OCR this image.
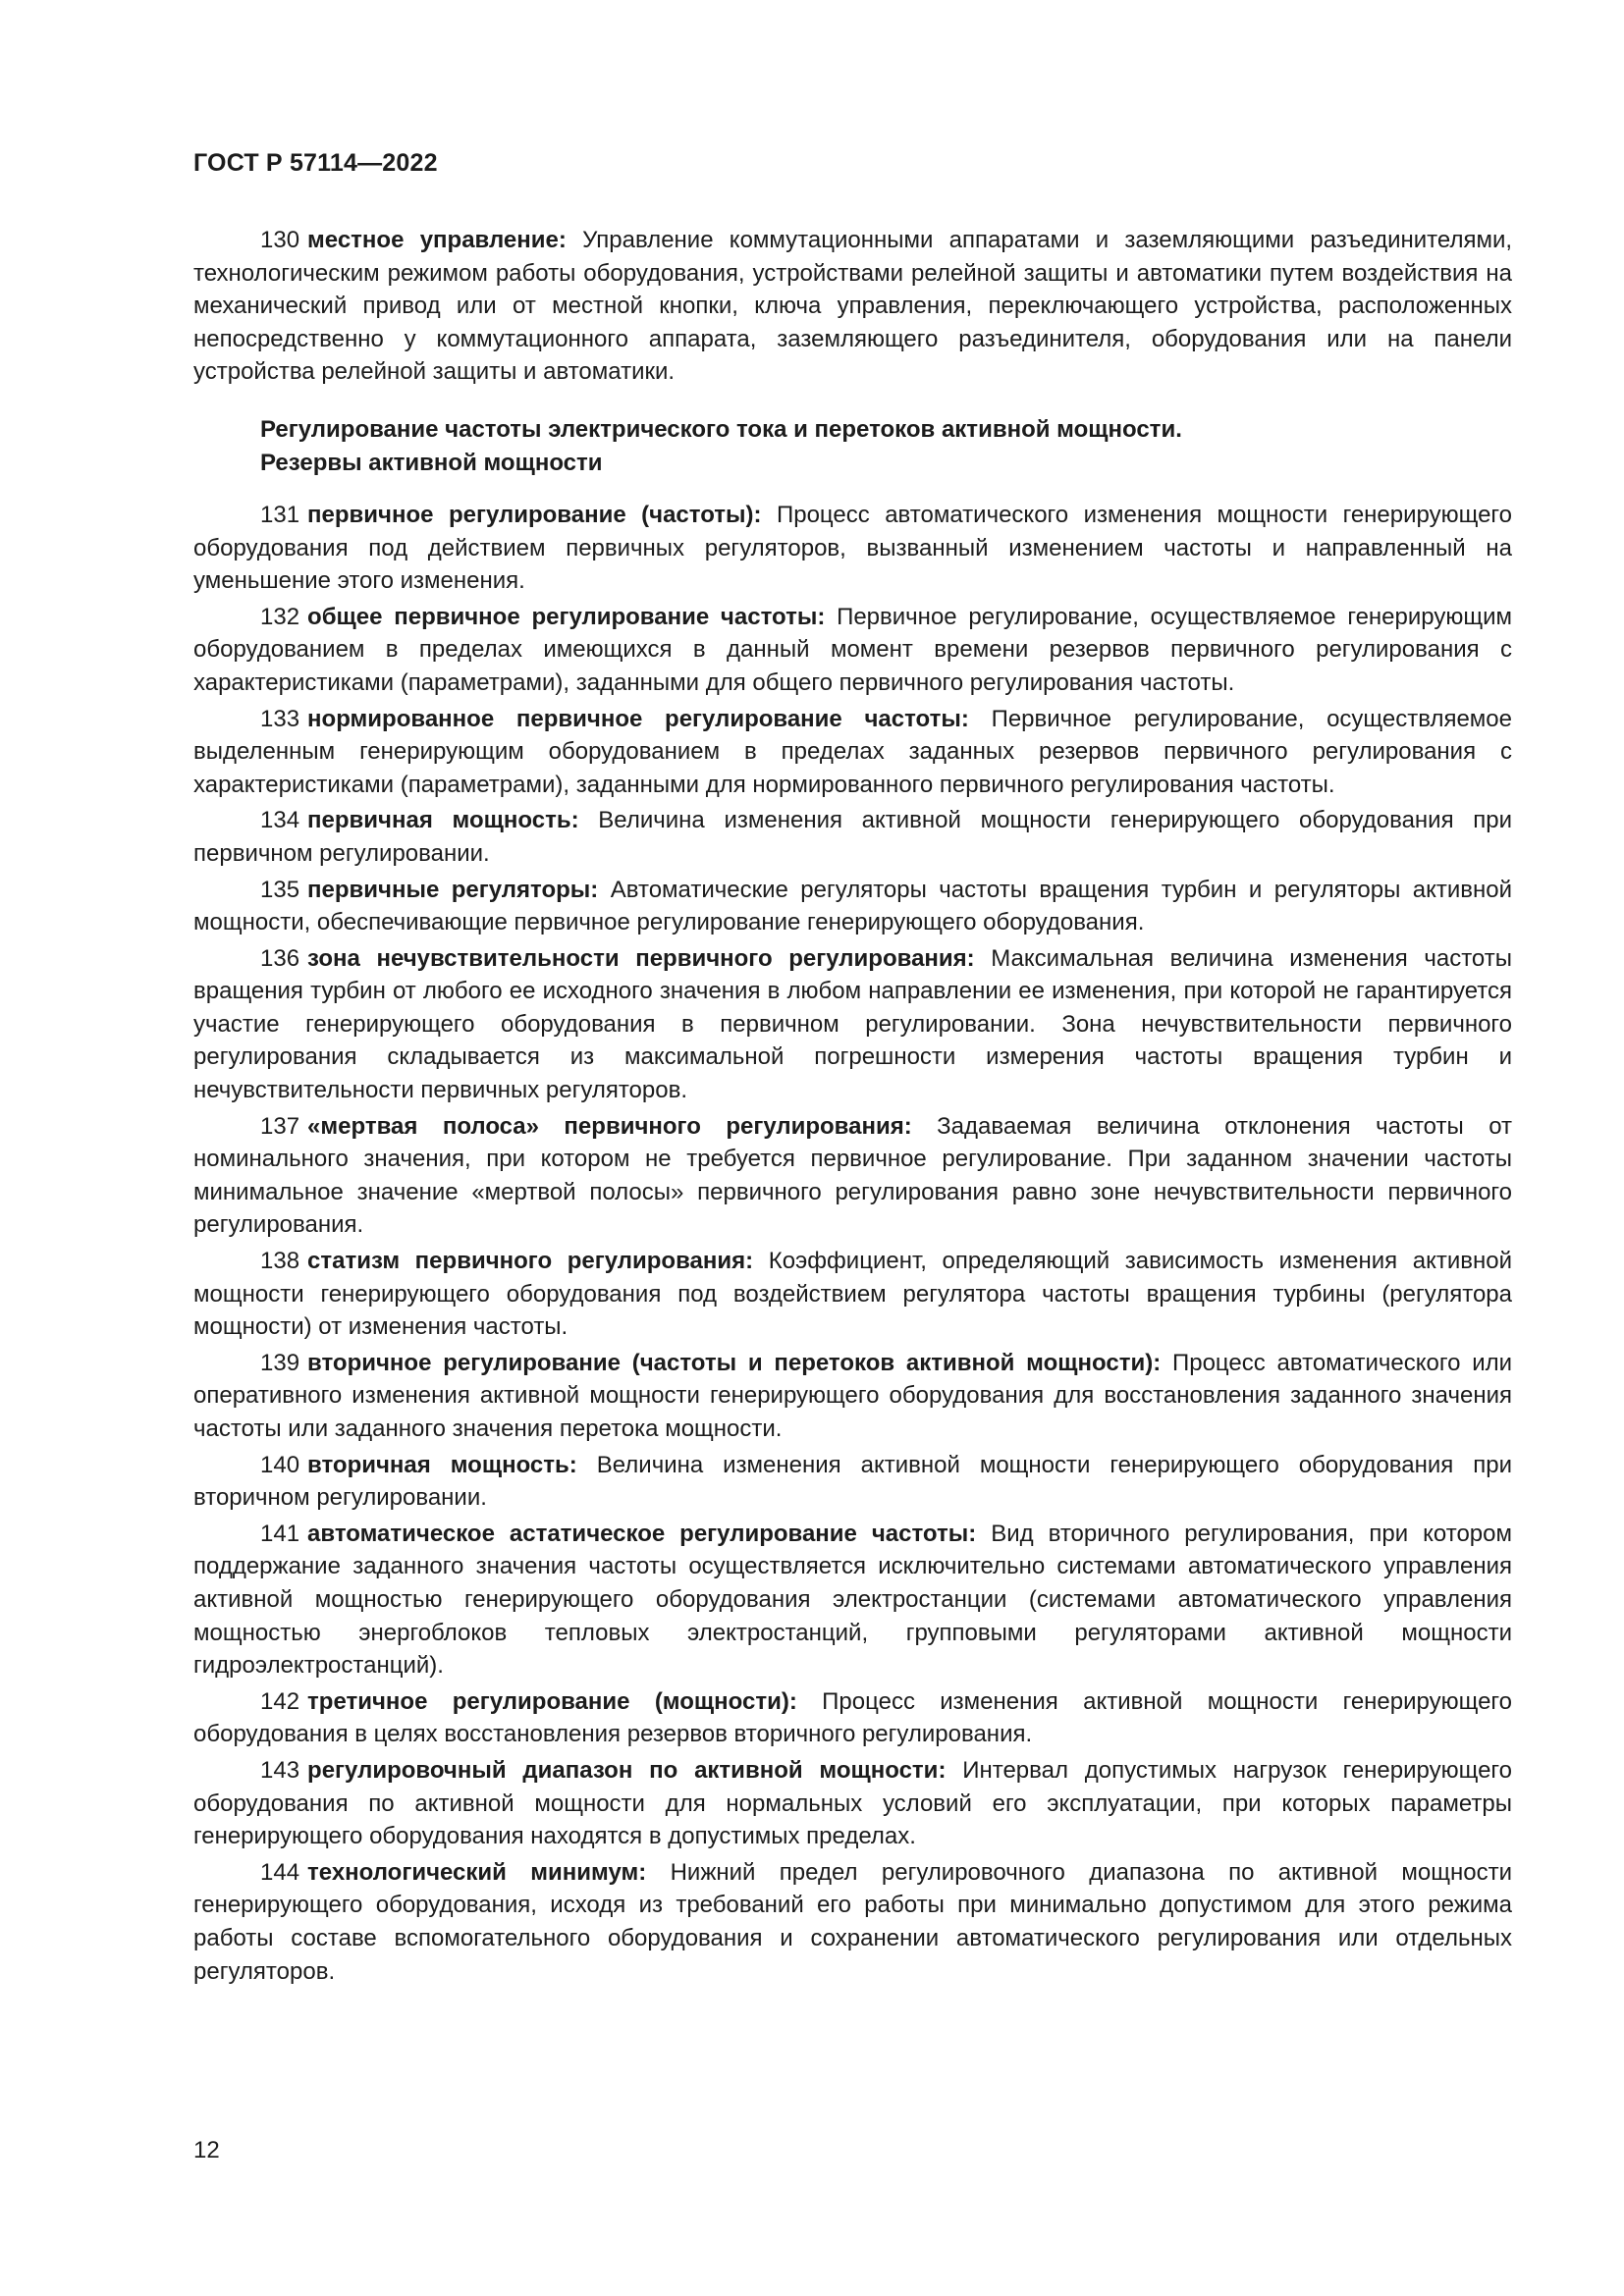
ГОСТ Р 57114—2022

130 местное управление: Управление коммутационными аппаратами и заземляющими разъединителями, технологическим режимом работы оборудования, устройствами релейной защиты и автоматики путем воздействия на механический привод или от местной кнопки, ключа управления, переключающего устройства, расположенных непосредственно у коммутационного аппарата, заземляющего разъединителя, оборудования или на панели устройства релейной защиты и автоматики.

Регулирование частоты электрического тока и перетоков активной мощности.
Резервы активной мощности

131 первичное регулирование (частоты): Процесс автоматического изменения мощности генерирующего оборудования под действием первичных регуляторов, вызванный изменением частоты и направленный на уменьшение этого изменения.

132 общее первичное регулирование частоты: Первичное регулирование, осуществляемое генерирующим оборудованием в пределах имеющихся в данный момент времени резервов первичного регулирования с характеристиками (параметрами), заданными для общего первичного регулирования частоты.

133 нормированное первичное регулирование частоты: Первичное регулирование, осуществляемое выделенным генерирующим оборудованием в пределах заданных резервов первичного регулирования с характеристиками (параметрами), заданными для нормированного первичного регулирования частоты.

134 первичная мощность: Величина изменения активной мощности генерирующего оборудования при первичном регулировании.

135 первичные регуляторы: Автоматические регуляторы частоты вращения турбин и регуляторы активной мощности, обеспечивающие первичное регулирование генерирующего оборудования.

136 зона нечувствительности первичного регулирования: Максимальная величина изменения частоты вращения турбин от любого ее исходного значения в любом направлении ее изменения, при которой не гарантируется участие генерирующего оборудования в первичном регулировании. Зона нечувствительности первичного регулирования складывается из максимальной погрешности измерения частоты вращения турбин и нечувствительности первичных регуляторов.

137 «мертвая полоса» первичного регулирования: Задаваемая величина отклонения частоты от номинального значения, при котором не требуется первичное регулирование. При заданном значении частоты минимальное значение «мертвой полосы» первичного регулирования равно зоне нечувствительности первичного регулирования.

138 статизм первичного регулирования: Коэффициент, определяющий зависимость изменения активной мощности генерирующего оборудования под воздействием регулятора частоты вращения турбины (регулятора мощности) от изменения частоты.

139 вторичное регулирование (частоты и перетоков активной мощности): Процесс автоматического или оперативного изменения активной мощности генерирующего оборудования для восстановления заданного значения частоты или заданного значения перетока мощности.

140 вторичная мощность: Величина изменения активной мощности генерирующего оборудования при вторичном регулировании.

141 автоматическое астатическое регулирование частоты: Вид вторичного регулирования, при котором поддержание заданного значения частоты осуществляется исключительно системами автоматического управления активной мощностью генерирующего оборудования электростанции (системами автоматического управления мощностью энергоблоков тепловых электростанций, групповыми регуляторами активной мощности гидроэлектростанций).

142 третичное регулирование (мощности): Процесс изменения активной мощности генерирующего оборудования в целях восстановления резервов вторичного регулирования.

143 регулировочный диапазон по активной мощности: Интервал допустимых нагрузок генерирующего оборудования по активной мощности для нормальных условий его эксплуатации, при которых параметры генерирующего оборудования находятся в допустимых пределах.

144 технологический минимум: Нижний предел регулировочного диапазона по активной мощности генерирующего оборудования, исходя из требований его работы при минимально допустимом для этого режима работы составе вспомогательного оборудования и сохранении автоматического регулирования или отдельных регуляторов.

12
